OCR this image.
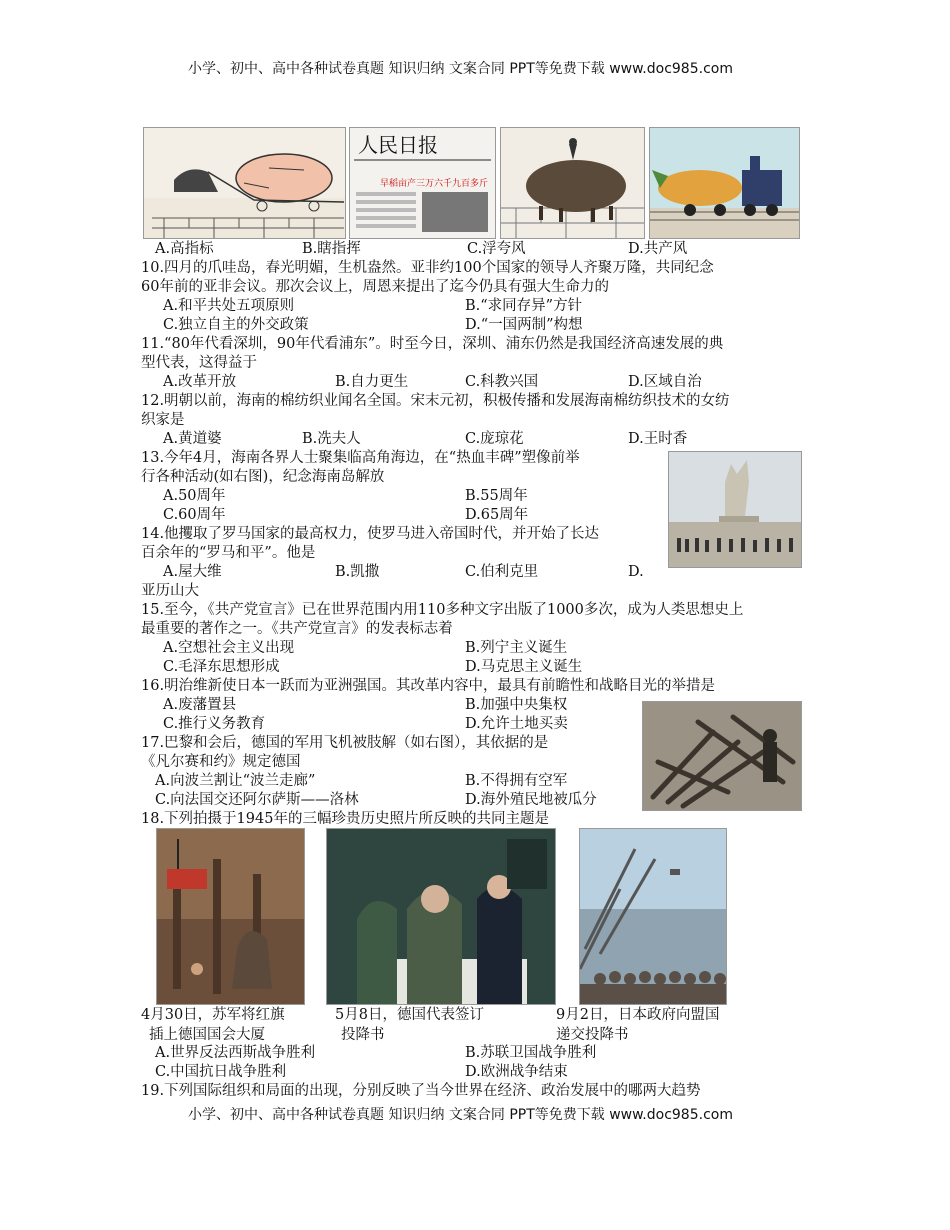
小学、初中、高中各种试卷真题 知识归纳 文案合同 PPT等免费下载 www.doc985.com
人民日报
早稻亩产三万六千九百多斤
A.高指标	B.瞎指挥	C.浮夸风	D.共产风
10.四月的爪哇岛，春光明媚，生机盎然。亚非约100个国家的领导人齐聚万隆，共同纪念
60年前的亚非会议。那次会议上，周恩来提出了迄今仍具有强大生命力的
A.和平共处五项原则	B.“求同存异”方针
C.独立自主的外交政策	D.“一国两制”构想
11.“80年代看深圳，90年代看浦东”。时至今日，深圳、浦东仍然是我国经济高速发展的典
型代表，这得益于
A.改革开放	B.自力更生	C.科教兴国	D.区域自治
12.明朝以前，海南的棉纺织业闻名全国。宋末元初，积极传播和发展海南棉纺织技术的女纺
织家是
A.黄道婆	B.冼夫人	C.庞琼花	D.王时香
13.今年4月，海南各界人士聚集临高角海边，在“热血丰碑”塑像前举
行各种活动(如右图)，纪念海南岛解放
A.50周年	B.55周年
C.60周年	D.65周年
14.他攫取了罗马国家的最高权力，使罗马进入帝国时代，并开始了长达
百余年的“罗马和平”。他是
A.屋大维	B.凯撒	C.伯利克里	D.
亚历山大
15.至今，《共产党宣言》已在世界范围内用110多种文字出版了1000多次，成为人类思想史上
最重要的著作之一。《共产党宣言》的发表标志着
A.空想社会主义出现	B.列宁主义诞生
C.毛泽东思想形成	D.马克思主义诞生
16.明治维新使日本一跃而为亚洲强国。其改革内容中，最具有前瞻性和战略目光的举措是
A.废藩置县	B.加强中央集权
C.推行义务教育	D.允许土地买卖
17.巴黎和会后，德国的军用飞机被肢解（如右图），其依据的是
《凡尔赛和约》规定德国
A.向波兰割让“波兰走廊”	B.不得拥有空军
C.向法国交还阿尔萨斯——洛林	D.海外殖民地被瓜分
18.下列拍摄于1945年的三幅珍贵历史照片所反映的共同主题是
4月30日，苏军将红旗
插上德国国会大厦
5月8日，德国代表签订
投降书
9月2日，日本政府向盟国
递交投降书
A.世界反法西斯战争胜利	B.苏联卫国战争胜利
C.中国抗日战争胜利	D.欧洲战争结束
19.下列国际组织和局面的出现，分别反映了当今世界在经济、政治发展中的哪两大趋势
小学、初中、高中各种试卷真题 知识归纳 文案合同 PPT等免费下载 www.doc985.com
